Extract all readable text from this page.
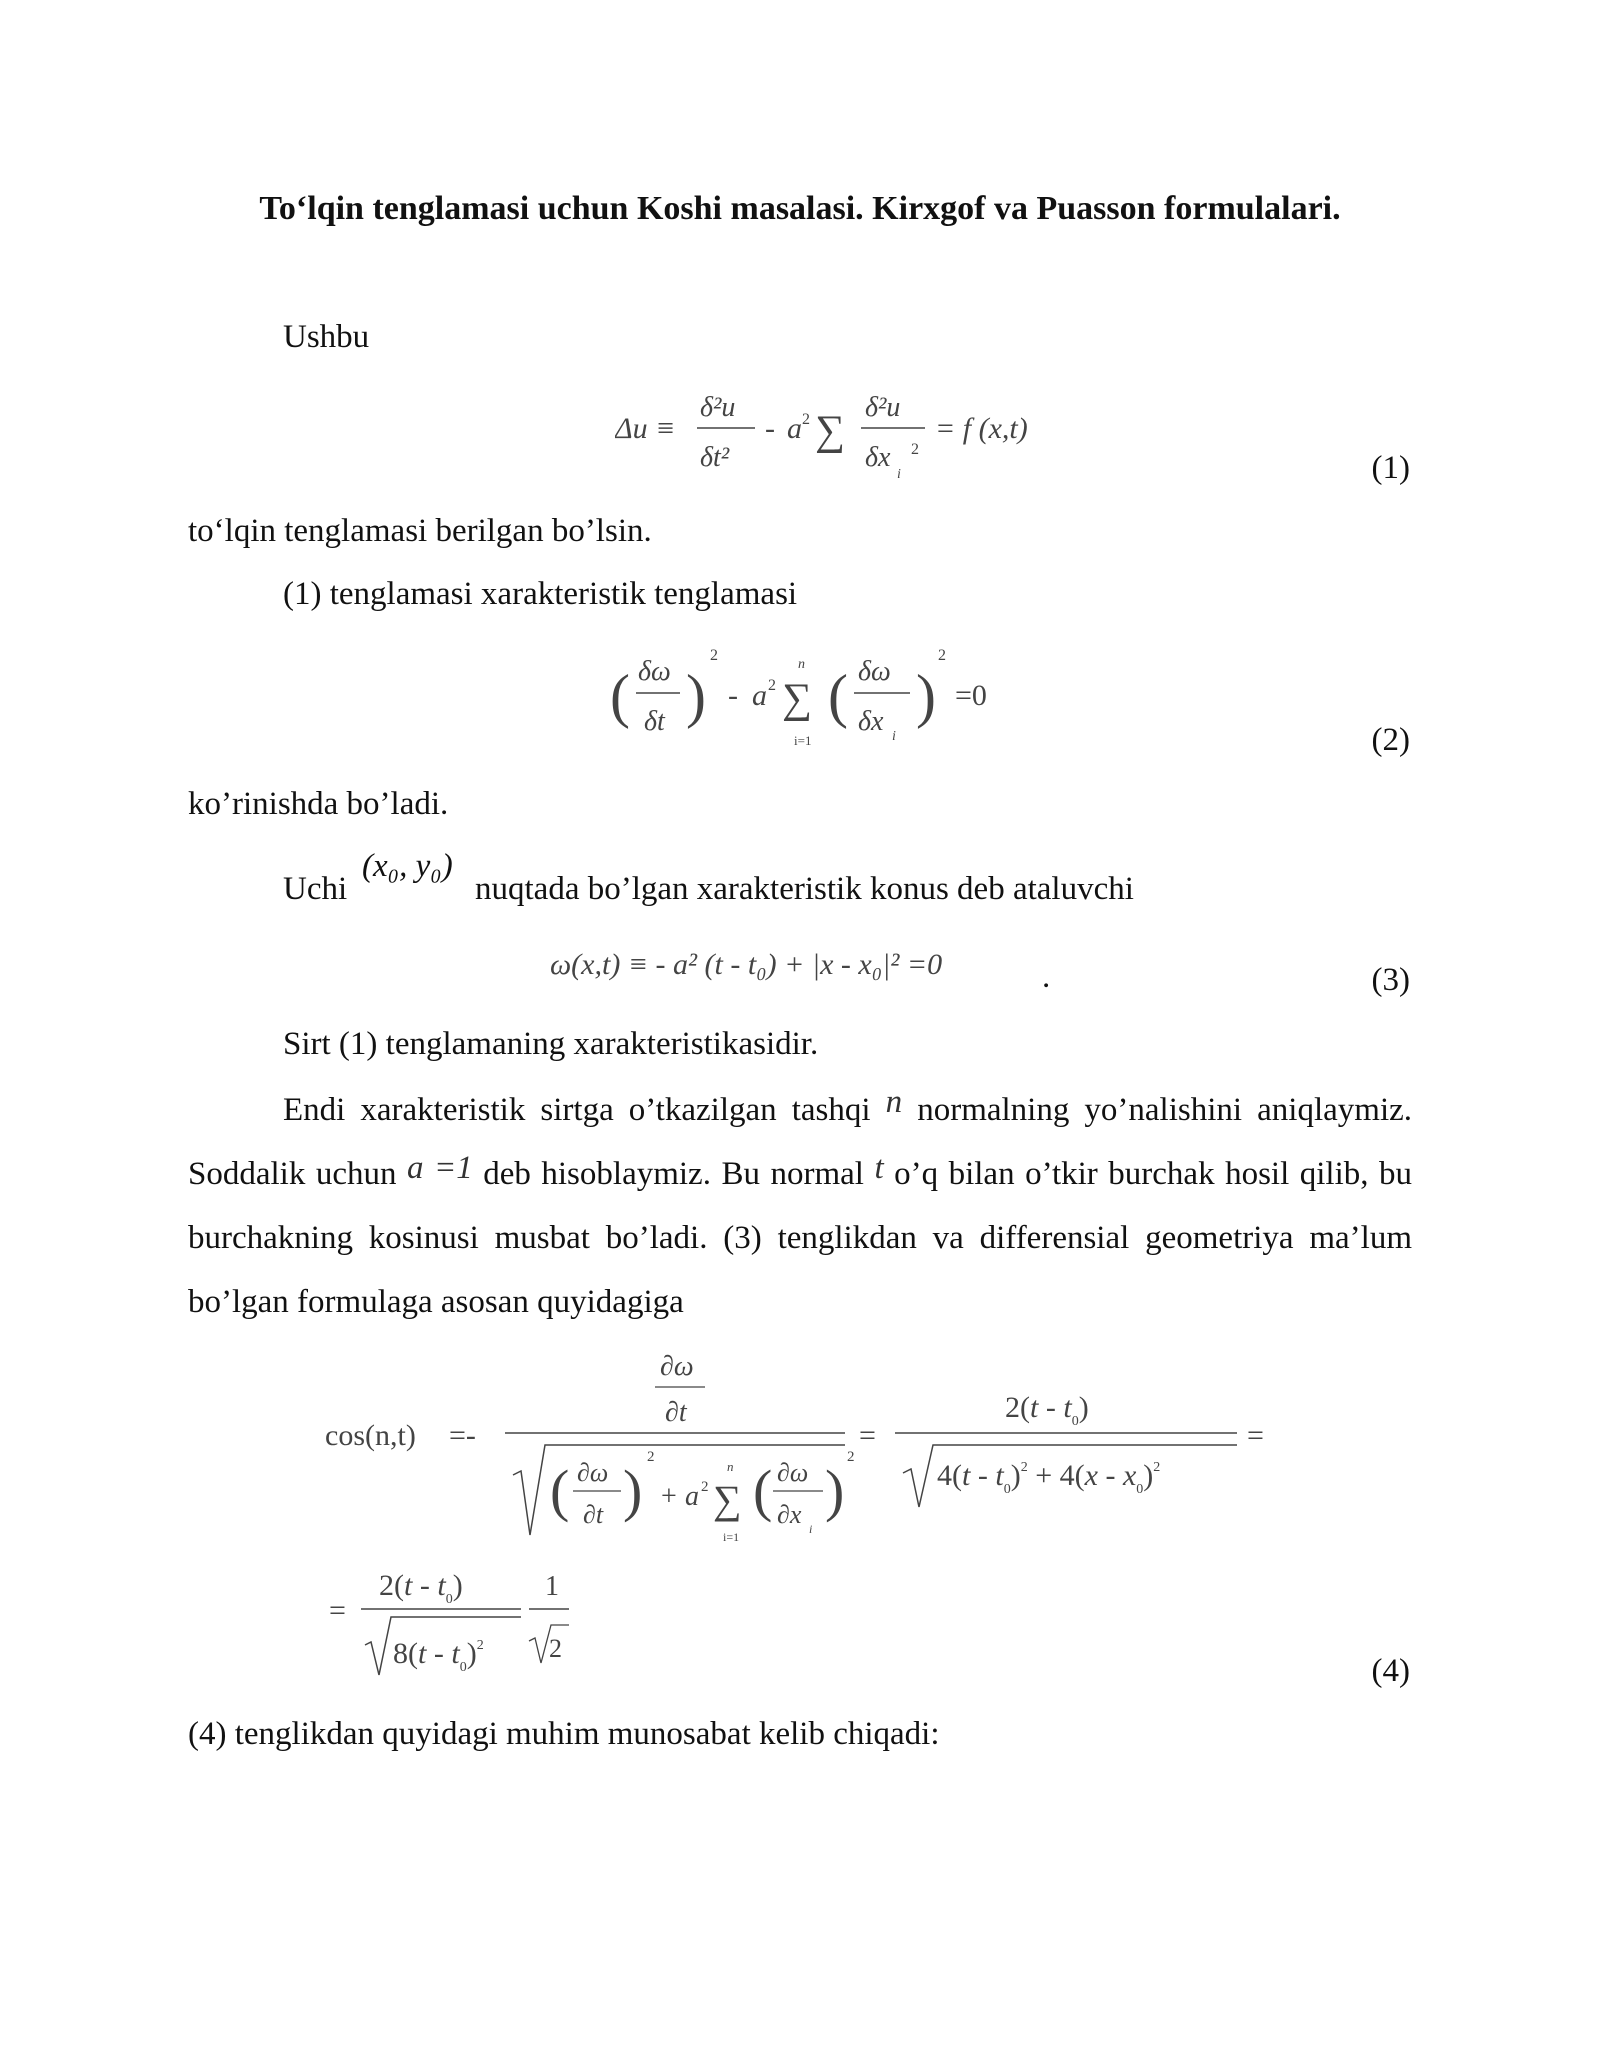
To‘lqin tenglamasi uchun Koshi masalasi. Kirxgof va Puasson formulalari.
Ushbu
Δu ≡
δ²u
δt²
- a 2 ∑
δ²u
δx
i
2
= f (x,t)
(1)
to‘lqin tenglamasi berilgan bo’lsin.
(1) tenglamasi xarakteristik tenglamasi
( δω
δt )
2
- a 2 ∑
n
i=1
( δω
δx i
)
2
=0
(2)
ko’rinishda bo’ladi.
Uchi
(x₀, y₀)
nuqtada bo’lgan xarakteristik konus deb ataluvchi
ω(x,t) ≡ - a² (t - t₀) + |x - x₀|² =0	.	(3)
Sirt (1) tenglamaning xarakteristikasidir.
Endi xarakteristik sirtga o’tkazilgan tashqi n normalning yo’nalishini aniqlaymiz. Soddalik uchun a =1 deb hisoblaymiz. Bu normal t o’q bilan o’tkir burchak hosil qilib, bu burchakning kosinusi musbat bo’ladi. (3) tenglikdan va differensial geometriya ma’lum bo’lgan formulaga asosan quyidagiga
cos(n,t) =-
∂ω
∂t
( ∂ω
∂t )
2
+ a 2 ∑
n
i=1
( ∂ω
∂x i
)
2
=
$2(t - t_0)$
$4(t - t_0)^2 + 4(x - x_0)^2$
=
=
$2(t - t_0)$
$8(t - t_0)^2$
1
2
(4)
(4) tenglikdan quyidagi muhim munosabat kelib chiqadi:
